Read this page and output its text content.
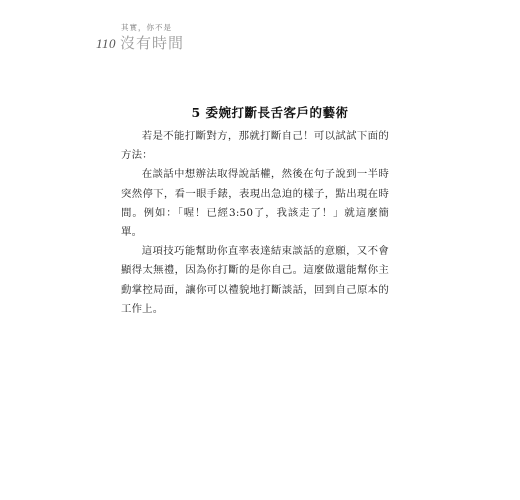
110
其實，你不是
沒有時間
5 委婉打斷長舌客戶的藝術

若是不能打斷對方，那就打斷自己！可以試試下面的方法：

在談話中想辦法取得說話權，然後在句子說到一半時突然停下，看一眼手錶，表現出急迫的樣子，點出現在時間。例如：「喔！已經3:50了，我該走了！」就這麼簡單。

這項技巧能幫助你直率表達結束談話的意願，又不會顯得太無禮，因為你打斷的是你自己。這麼做還能幫你主動掌控局面，讓你可以禮貌地打斷談話，回到自己原本的工作上。
